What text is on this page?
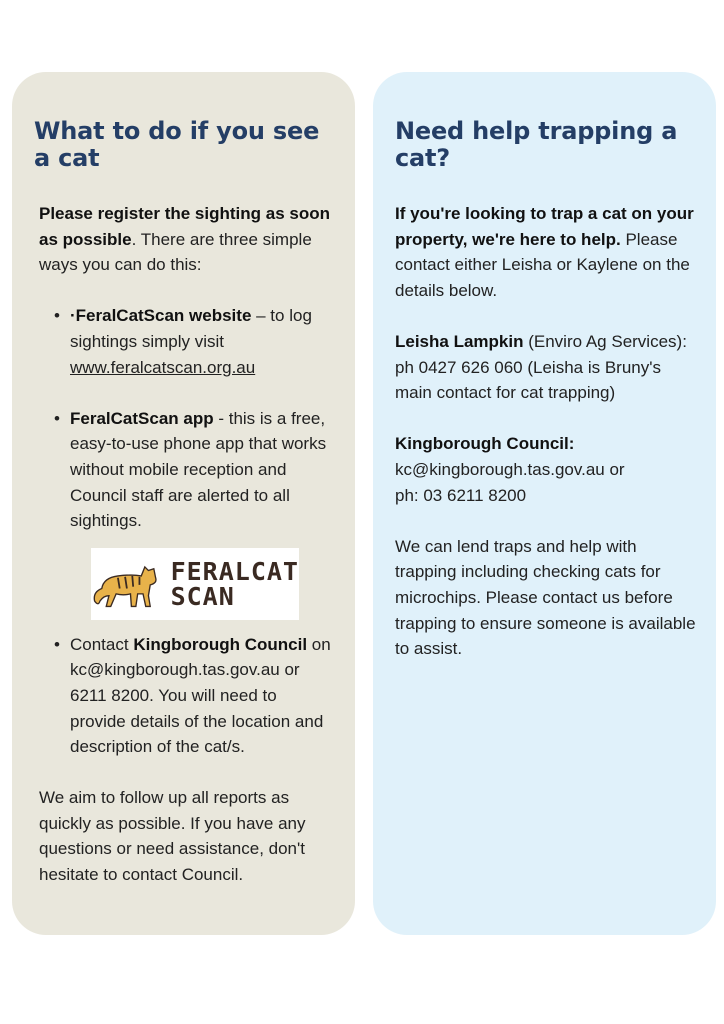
What to do if you see a cat

Please register the sighting as soon as possible. There are three simple ways you can do this:

• ·FeralCatScan website – to log sightings simply visit www.feralcatscan.org.au
• FeralCatScan app - this is a free, easy-to-use phone app that works without mobile reception and Council staff are alerted to all sightings.
FERALCAT
SCAN
• Contact Kingborough Council on kc@kingborough.tas.gov.au or 6211 8200. You will need to provide details of the location and description of the cat/s.

We aim to follow up all reports as quickly as possible. If you have any questions or need assistance, don't hesitate to contact Council.

Need help trapping a cat?

If you're looking to trap a cat on your property, we're here to help. Please contact either Leisha or Kaylene on the details below.

Leisha Lampkin (Enviro Ag Services): ph 0427 626 060 (Leisha is Bruny's main contact for cat trapping)

Kingborough Council:
kc@kingborough.tas.gov.au or
ph: 03 6211 8200

We can lend traps and help with trapping including checking cats for microchips. Please contact us before trapping to ensure someone is available to assist.
